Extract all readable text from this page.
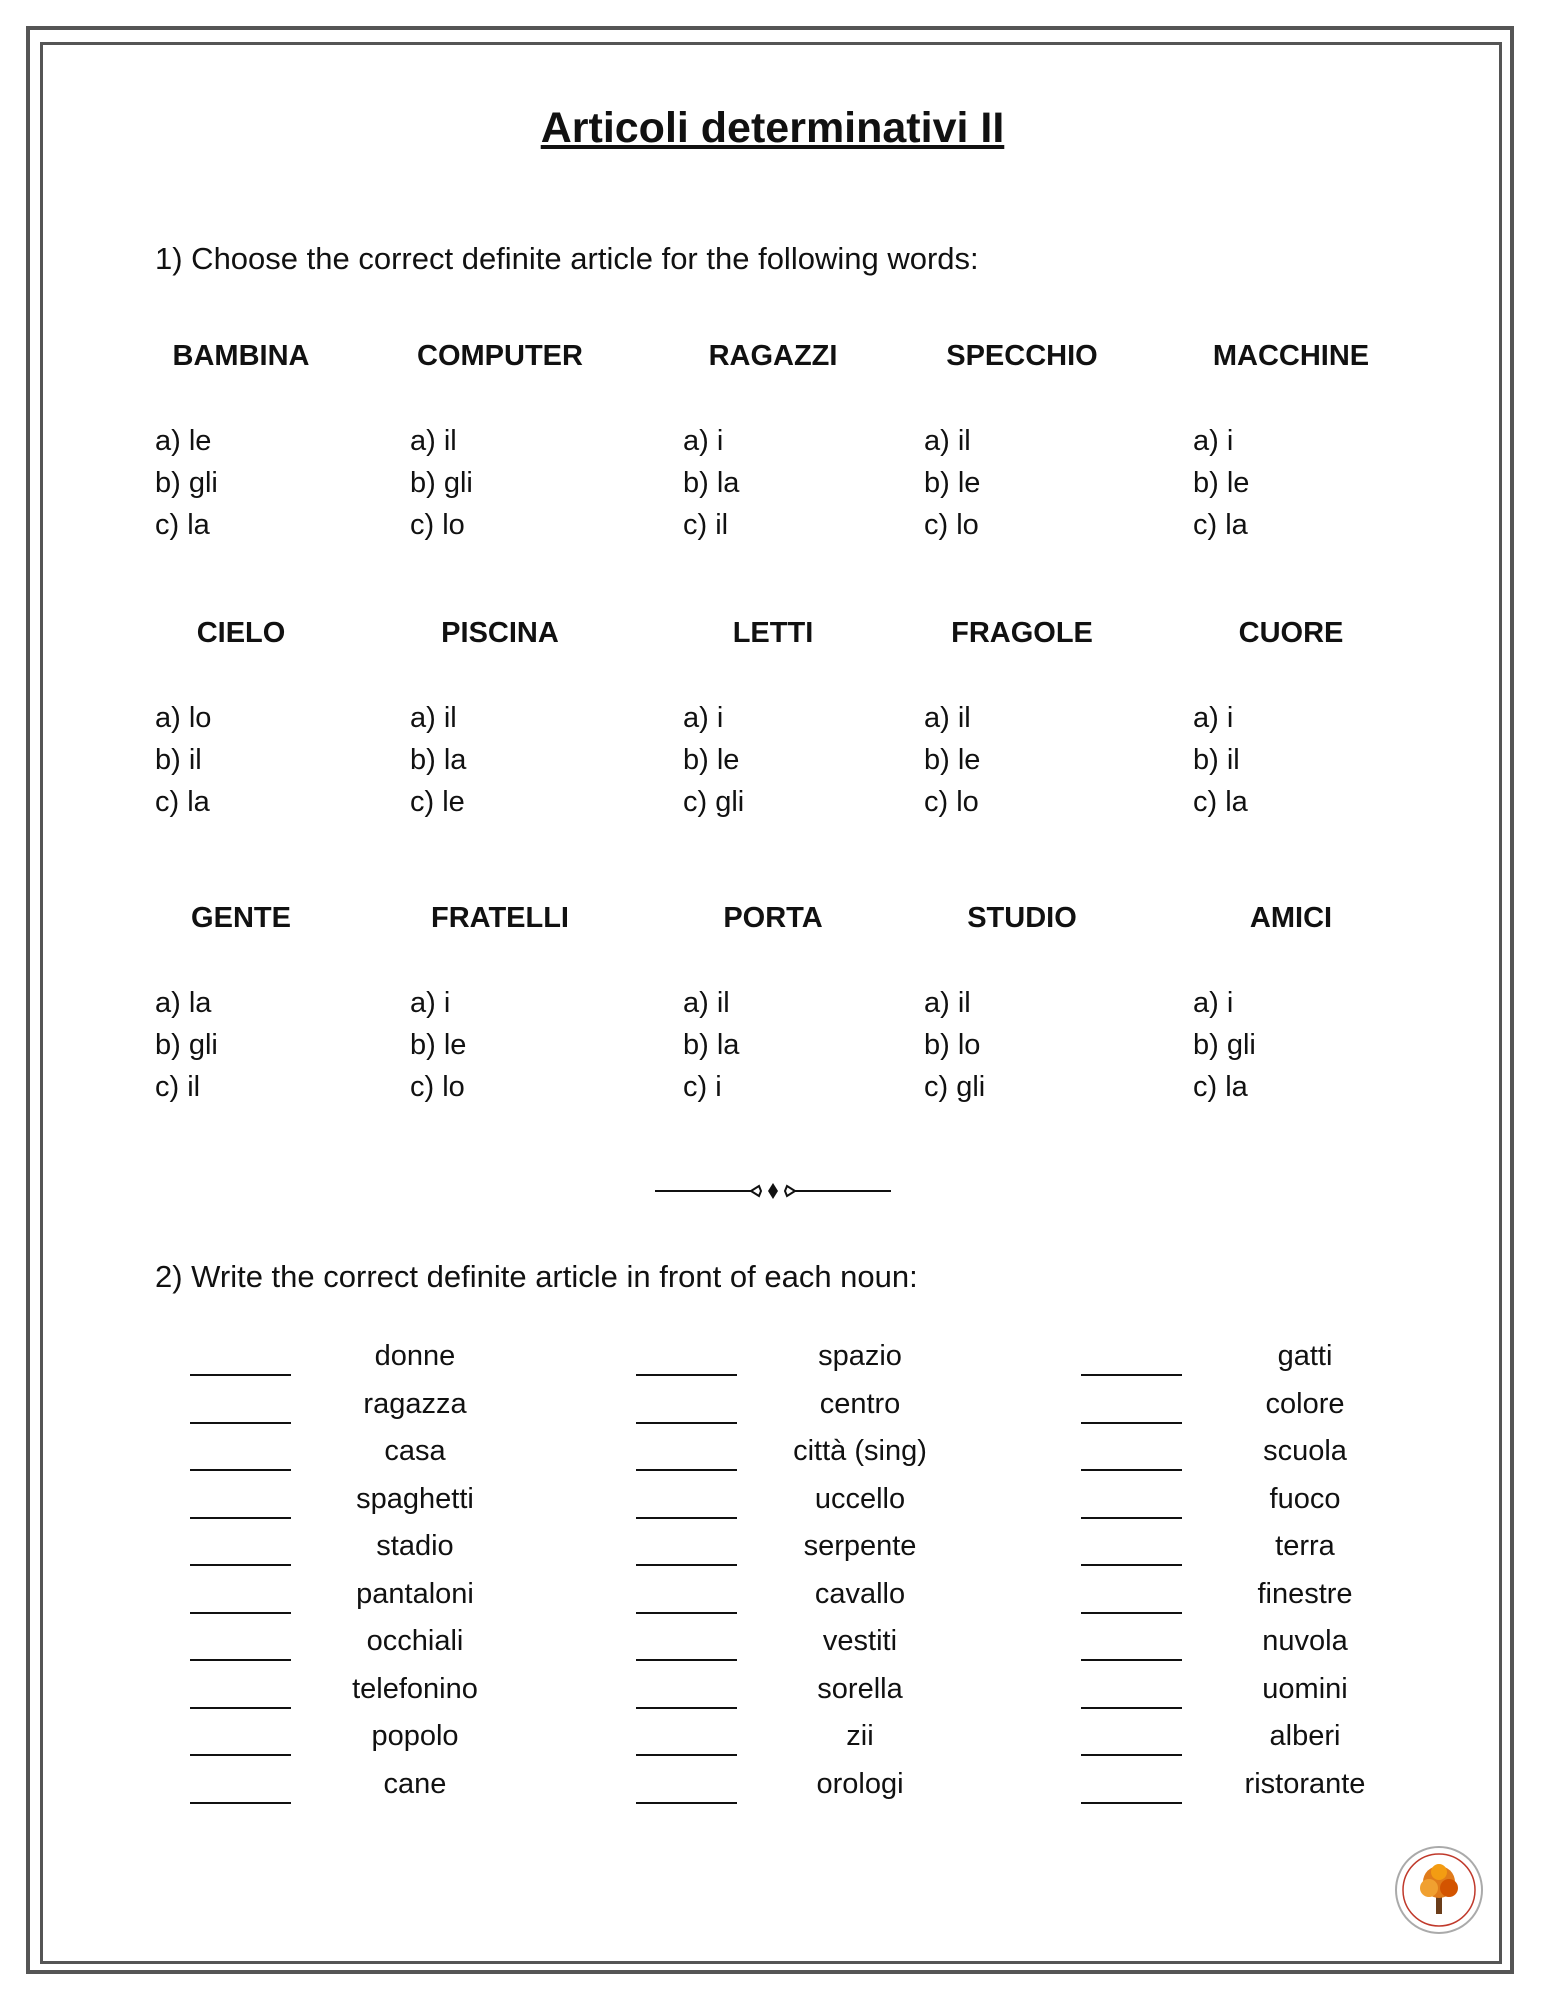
Articoli determinativi II
1) Choose the correct definite article for the following words:
BAMBINA
a) le
b) gli
c) la
COMPUTER
a) il
b) gli
c) lo
RAGAZZI
a) i
b) la
c) il
SPECCHIO
a) il
b) le
c) lo
MACCHINE
a) i
b) le
c) la
CIELO
a) lo
b) il
c) la
PISCINA
a) il
b) la
c) le
LETTI
a) i
b) le
c) gli
FRAGOLE
a) il
b) le
c) lo
CUORE
a) i
b) il
c) la
GENTE
a) la
b) gli
c) il
FRATELLI
a) i
b) le
c) lo
PORTA
a) il
b) la
c) i
STUDIO
a) il
b) lo
c) gli
AMICI
a) i
b) gli
c) la
2) Write the correct definite article in front of each noun:
donne
ragazza
casa
spaghetti
stadio
pantaloni
occhiali
telefonino
popolo
cane
spazio
centro
città (sing)
uccello
serpente
cavallo
vestiti
sorella
zii
orologi
gatti
colore
scuola
fuoco
terra
finestre
nuvola
uomini
alberi
ristorante
